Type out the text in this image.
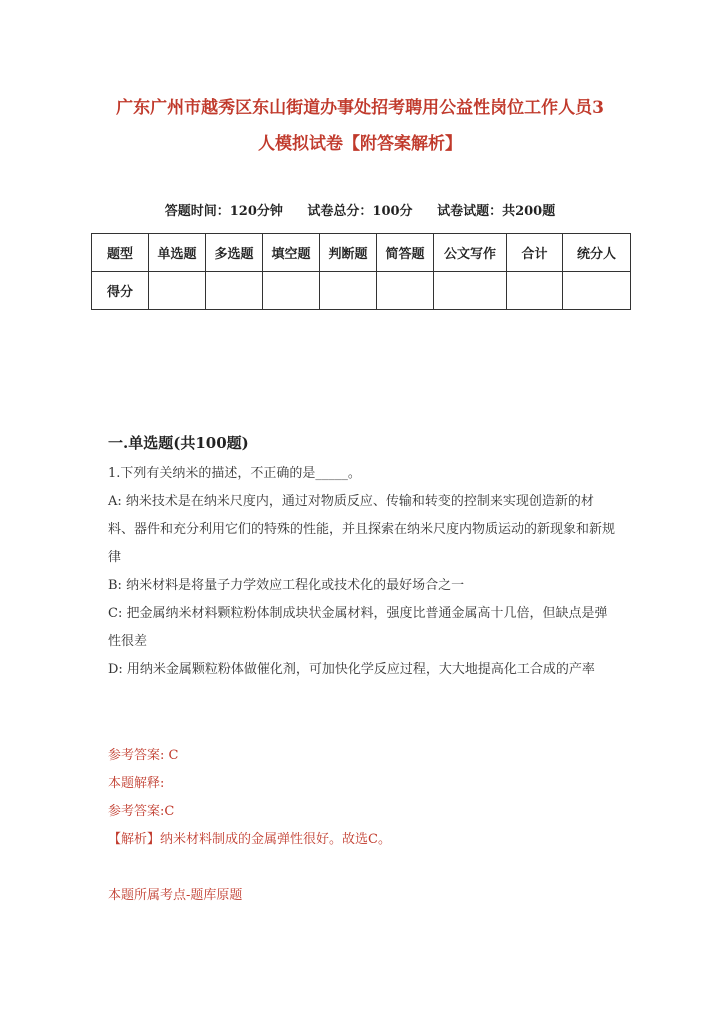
广东广州市越秀区东山街道办事处招考聘用公益性岗位工作人员3
人模拟试卷【附答案解析】
答题时间：120分钟 试卷总分：100分 试卷试题：共200题
题型	单选题	多选题	填空题	判断题	简答题	公文写作	合计	统分人
得分								
一.单选题(共100题)
1.下列有关纳米的描述，不正确的是_____。
A: 纳米技术是在纳米尺度内，通过对物质反应、传输和转变的控制来实现创造新的材料、器件和充分利用它们的特殊的性能，并且探索在纳米尺度内物质运动的新现象和新规律
B: 纳米材料是将量子力学效应工程化或技术化的最好场合之一
C: 把金属纳米材料颗粒粉体制成块状金属材料，强度比普通金属高十几倍，但缺点是弹性很差
D: 用纳米金属颗粒粉体做催化剂，可加快化学反应过程，大大地提高化工合成的产率
参考答案: C
本题解释:
参考答案:C
【解析】纳米材料制成的金属弹性很好。故选C。
本题所属考点-题库原题
